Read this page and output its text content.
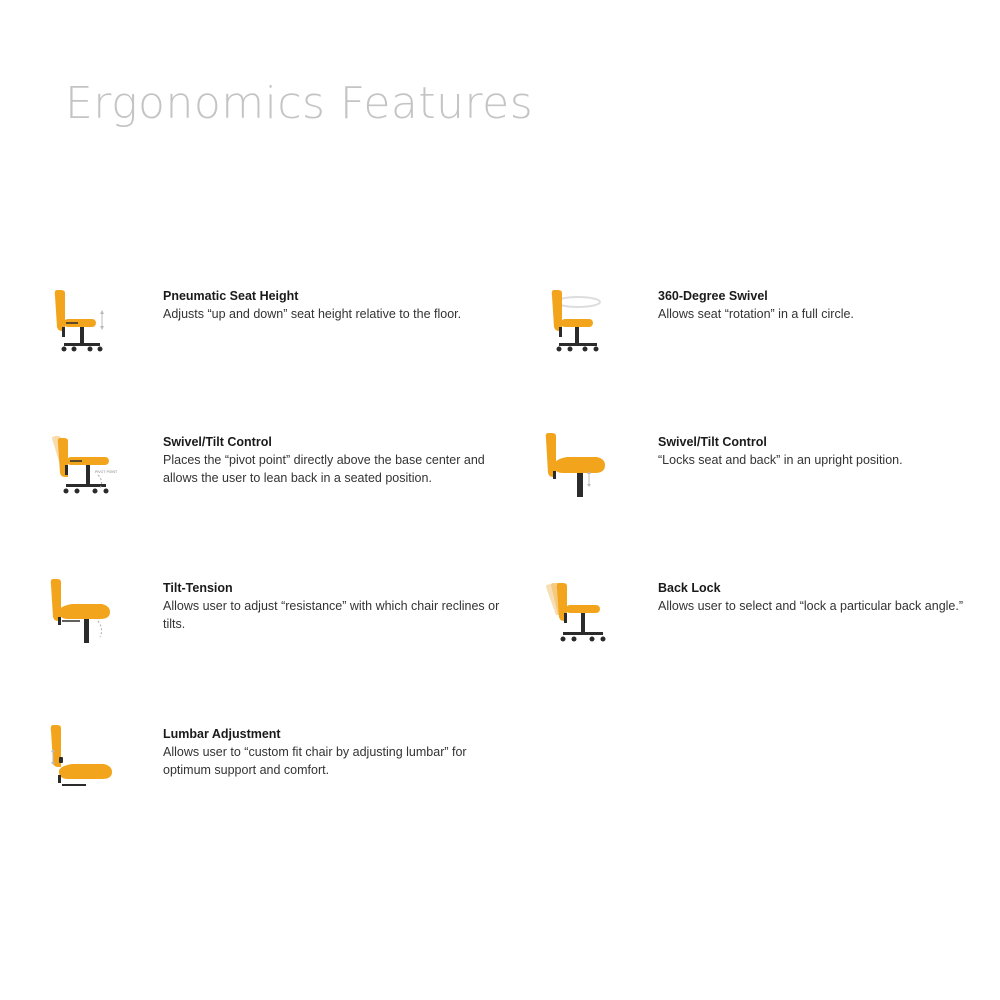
Ergonomics Features
Pneumatic Seat Height
Adjusts “up and down” seat height relative to the floor.
360-Degree Swivel
Allows seat “rotation” in a full circle.
PIVOT POINT
Swivel/Tilt Control
Places the “pivot point” directly above the base center and allows the user to lean back in a seated position.
Swivel/Tilt Control
“Locks seat and back” in an upright position.
Tilt-Tension
Allows user to adjust “resistance” with which chair reclines or tilts.
Back Lock
Allows user to select and “lock a particular back angle.”
Lumbar Adjustment
Allows user to “custom fit chair by adjusting lumbar” for optimum support and comfort.
